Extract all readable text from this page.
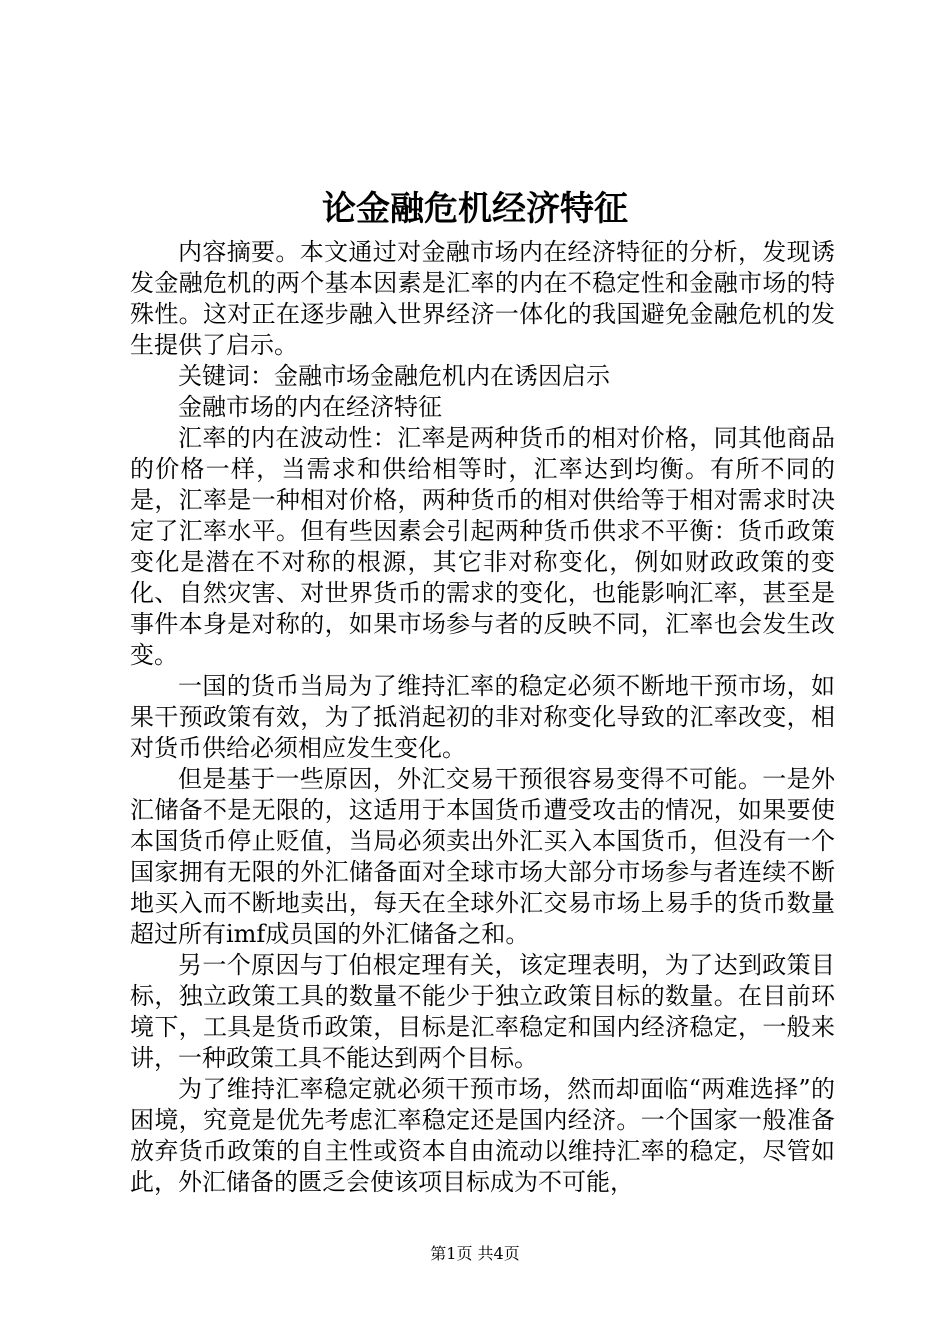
论金融危机经济特征

内容摘要。本文通过对金融市场内在经济特征的分析，发现诱发金融危机的两个基本因素是汇率的内在不稳定性和金融市场的特殊性。这对正在逐步融入世界经济一体化的我国避免金融危机的发生提供了启示。

关键词：金融市场金融危机内在诱因启示

金融市场的内在经济特征

汇率的内在波动性：汇率是两种货币的相对价格，同其他商品的价格一样，当需求和供给相等时，汇率达到均衡。有所不同的是，汇率是一种相对价格，两种货币的相对供给等于相对需求时决定了汇率水平。但有些因素会引起两种货币供求不平衡：货币政策变化是潜在不对称的根源，其它非对称变化，例如财政政策的变化、自然灾害、对世界货币的需求的变化，也能影响汇率，甚至是事件本身是对称的，如果市场参与者的反映不同，汇率也会发生改变。

一国的货币当局为了维持汇率的稳定必须不断地干预市场，如果干预政策有效，为了抵消起初的非对称变化导致的汇率改变，相对货币供给必须相应发生变化。

但是基于一些原因，外汇交易干预很容易变得不可能。一是外汇储备不是无限的，这适用于本国货币遭受攻击的情况，如果要使本国货币停止贬值，当局必须卖出外汇买入本国货币，但没有一个国家拥有无限的外汇储备面对全球市场大部分市场参与者连续不断地买入而不断地卖出，每天在全球外汇交易市场上易手的货币数量超过所有imf成员国的外汇储备之和。

另一个原因与丁伯根定理有关，该定理表明，为了达到政策目标，独立政策工具的数量不能少于独立政策目标的数量。在目前环境下，工具是货币政策，目标是汇率稳定和国内经济稳定，一般来讲，一种政策工具不能达到两个目标。

为了维持汇率稳定就必须干预市场，然而却面临“两难选择”的困境，究竟是优先考虑汇率稳定还是国内经济。一个国家一般准备放弃货币政策的自主性或资本自由流动以维持汇率的稳定，尽管如此，外汇储备的匮乏会使该项目标成为不可能，

第1页 共4页
